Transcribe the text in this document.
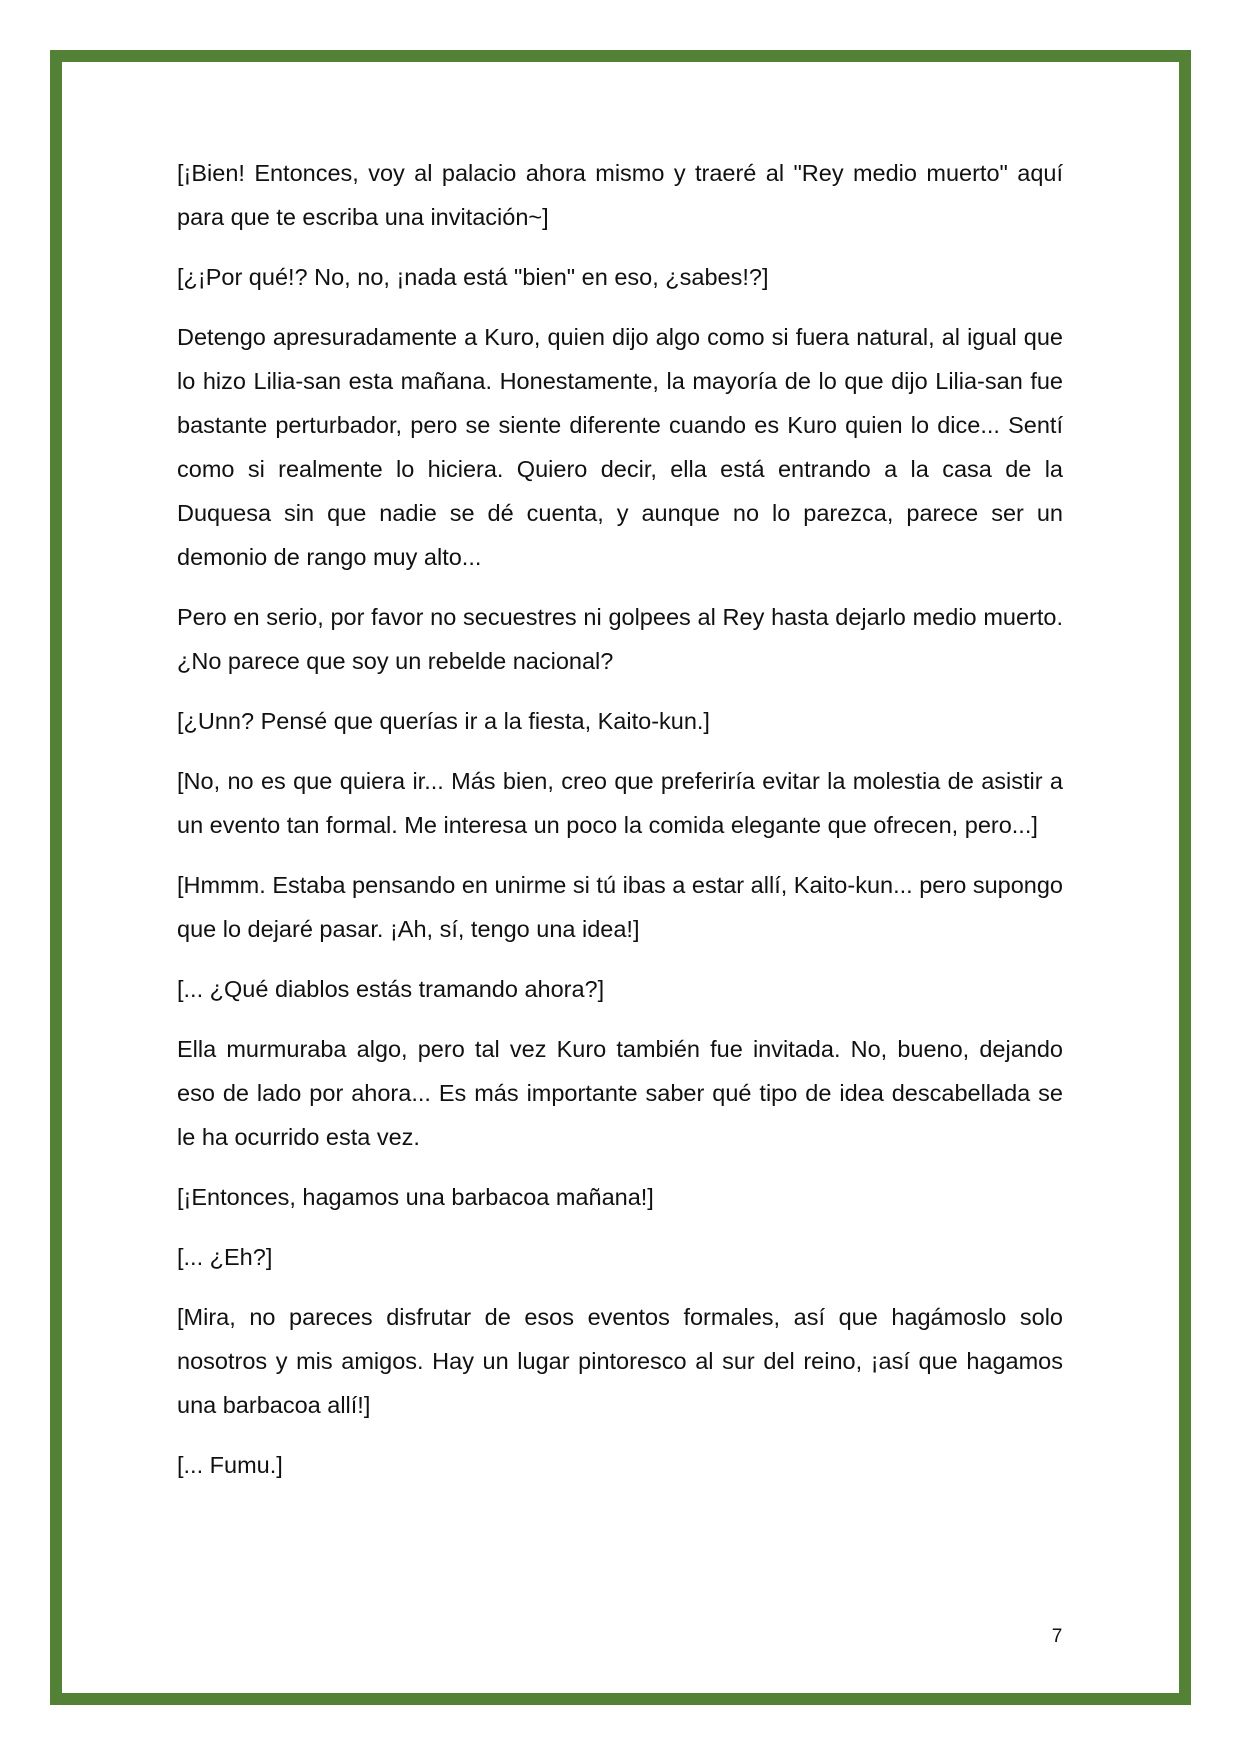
[¡Bien! Entonces, voy al palacio ahora mismo y traeré al "Rey medio muerto" aquí para que te escriba una invitación~]

[¿¡Por qué!? No, no, ¡nada está "bien" en eso, ¿sabes!?]

Detengo apresuradamente a Kuro, quien dijo algo como si fuera natural, al igual que lo hizo Lilia-san esta mañana. Honestamente, la mayoría de lo que dijo Lilia-san fue bastante perturbador, pero se siente diferente cuando es Kuro quien lo dice... Sentí como si realmente lo hiciera. Quiero decir, ella está entrando a la casa de la Duquesa sin que nadie se dé cuenta, y aunque no lo parezca, parece ser un demonio de rango muy alto...

Pero en serio, por favor no secuestres ni golpees al Rey hasta dejarlo medio muerto. ¿No parece que soy un rebelde nacional?

[¿Unn? Pensé que querías ir a la fiesta, Kaito-kun.]

[No, no es que quiera ir... Más bien, creo que preferiría evitar la molestia de asistir a un evento tan formal. Me interesa un poco la comida elegante que ofrecen, pero...]

[Hmmm. Estaba pensando en unirme si tú ibas a estar allí, Kaito-kun... pero supongo que lo dejaré pasar. ¡Ah, sí, tengo una idea!]

[... ¿Qué diablos estás tramando ahora?]

Ella murmuraba algo, pero tal vez Kuro también fue invitada. No, bueno, dejando eso de lado por ahora... Es más importante saber qué tipo de idea descabellada se le ha ocurrido esta vez.

[¡Entonces, hagamos una barbacoa mañana!]

[... ¿Eh?]

[Mira, no pareces disfrutar de esos eventos formales, así que hagámoslo solo nosotros y mis amigos. Hay un lugar pintoresco al sur del reino, ¡así que hagamos una barbacoa allí!]

[... Fumu.]

7
